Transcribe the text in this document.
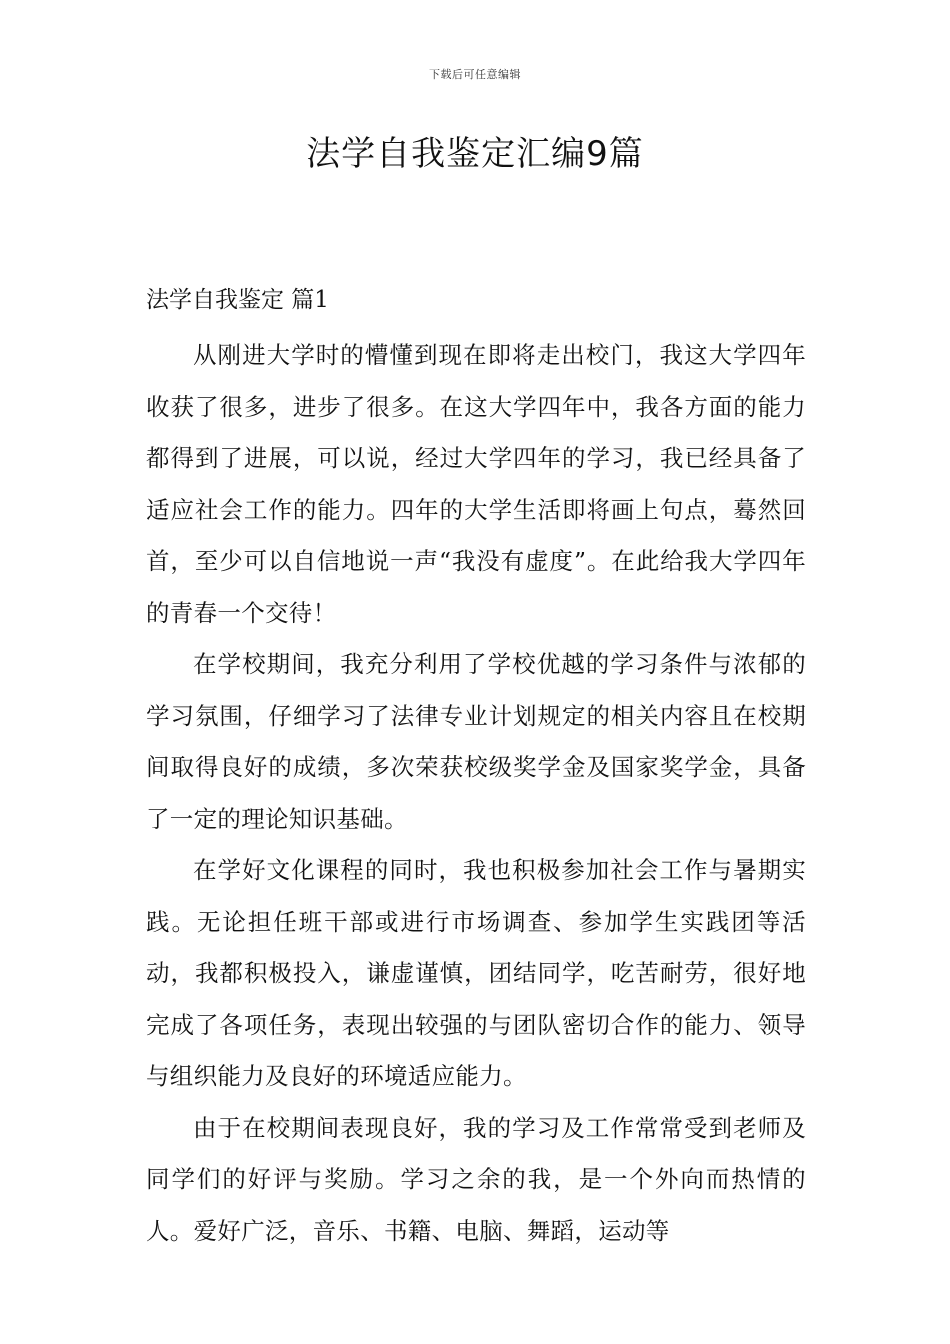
下载后可任意编辑
法学自我鉴定汇编9篇
法学自我鉴定 篇1

从刚进大学时的懵懂到现在即将走出校门，我这大学四年收获了很多，进步了很多。在这大学四年中，我各方面的能力都得到了进展，可以说，经过大学四年的学习，我已经具备了适应社会工作的能力。四年的大学生活即将画上句点，蓦然回首，至少可以自信地说一声“我没有虚度”。在此给我大学四年的青春一个交待！

在学校期间，我充分利用了学校优越的学习条件与浓郁的学习氛围，仔细学习了法律专业计划规定的相关内容且在校期间取得良好的成绩，多次荣获校级奖学金及国家奖学金，具备了一定的理论知识基础。

在学好文化课程的同时，我也积极参加社会工作与暑期实践。无论担任班干部或进行市场调查、参加学生实践团等活动，我都积极投入，谦虚谨慎，团结同学，吃苦耐劳，很好地完成了各项任务，表现出较强的与团队密切合作的能力、领导与组织能力及良好的环境适应能力。

由于在校期间表现良好，我的学习及工作常常受到老师及同学们的好评与奖励。学习之余的我，是一个外向而热情的人。爱好广泛，音乐、书籍、电脑、舞蹈，运动等
